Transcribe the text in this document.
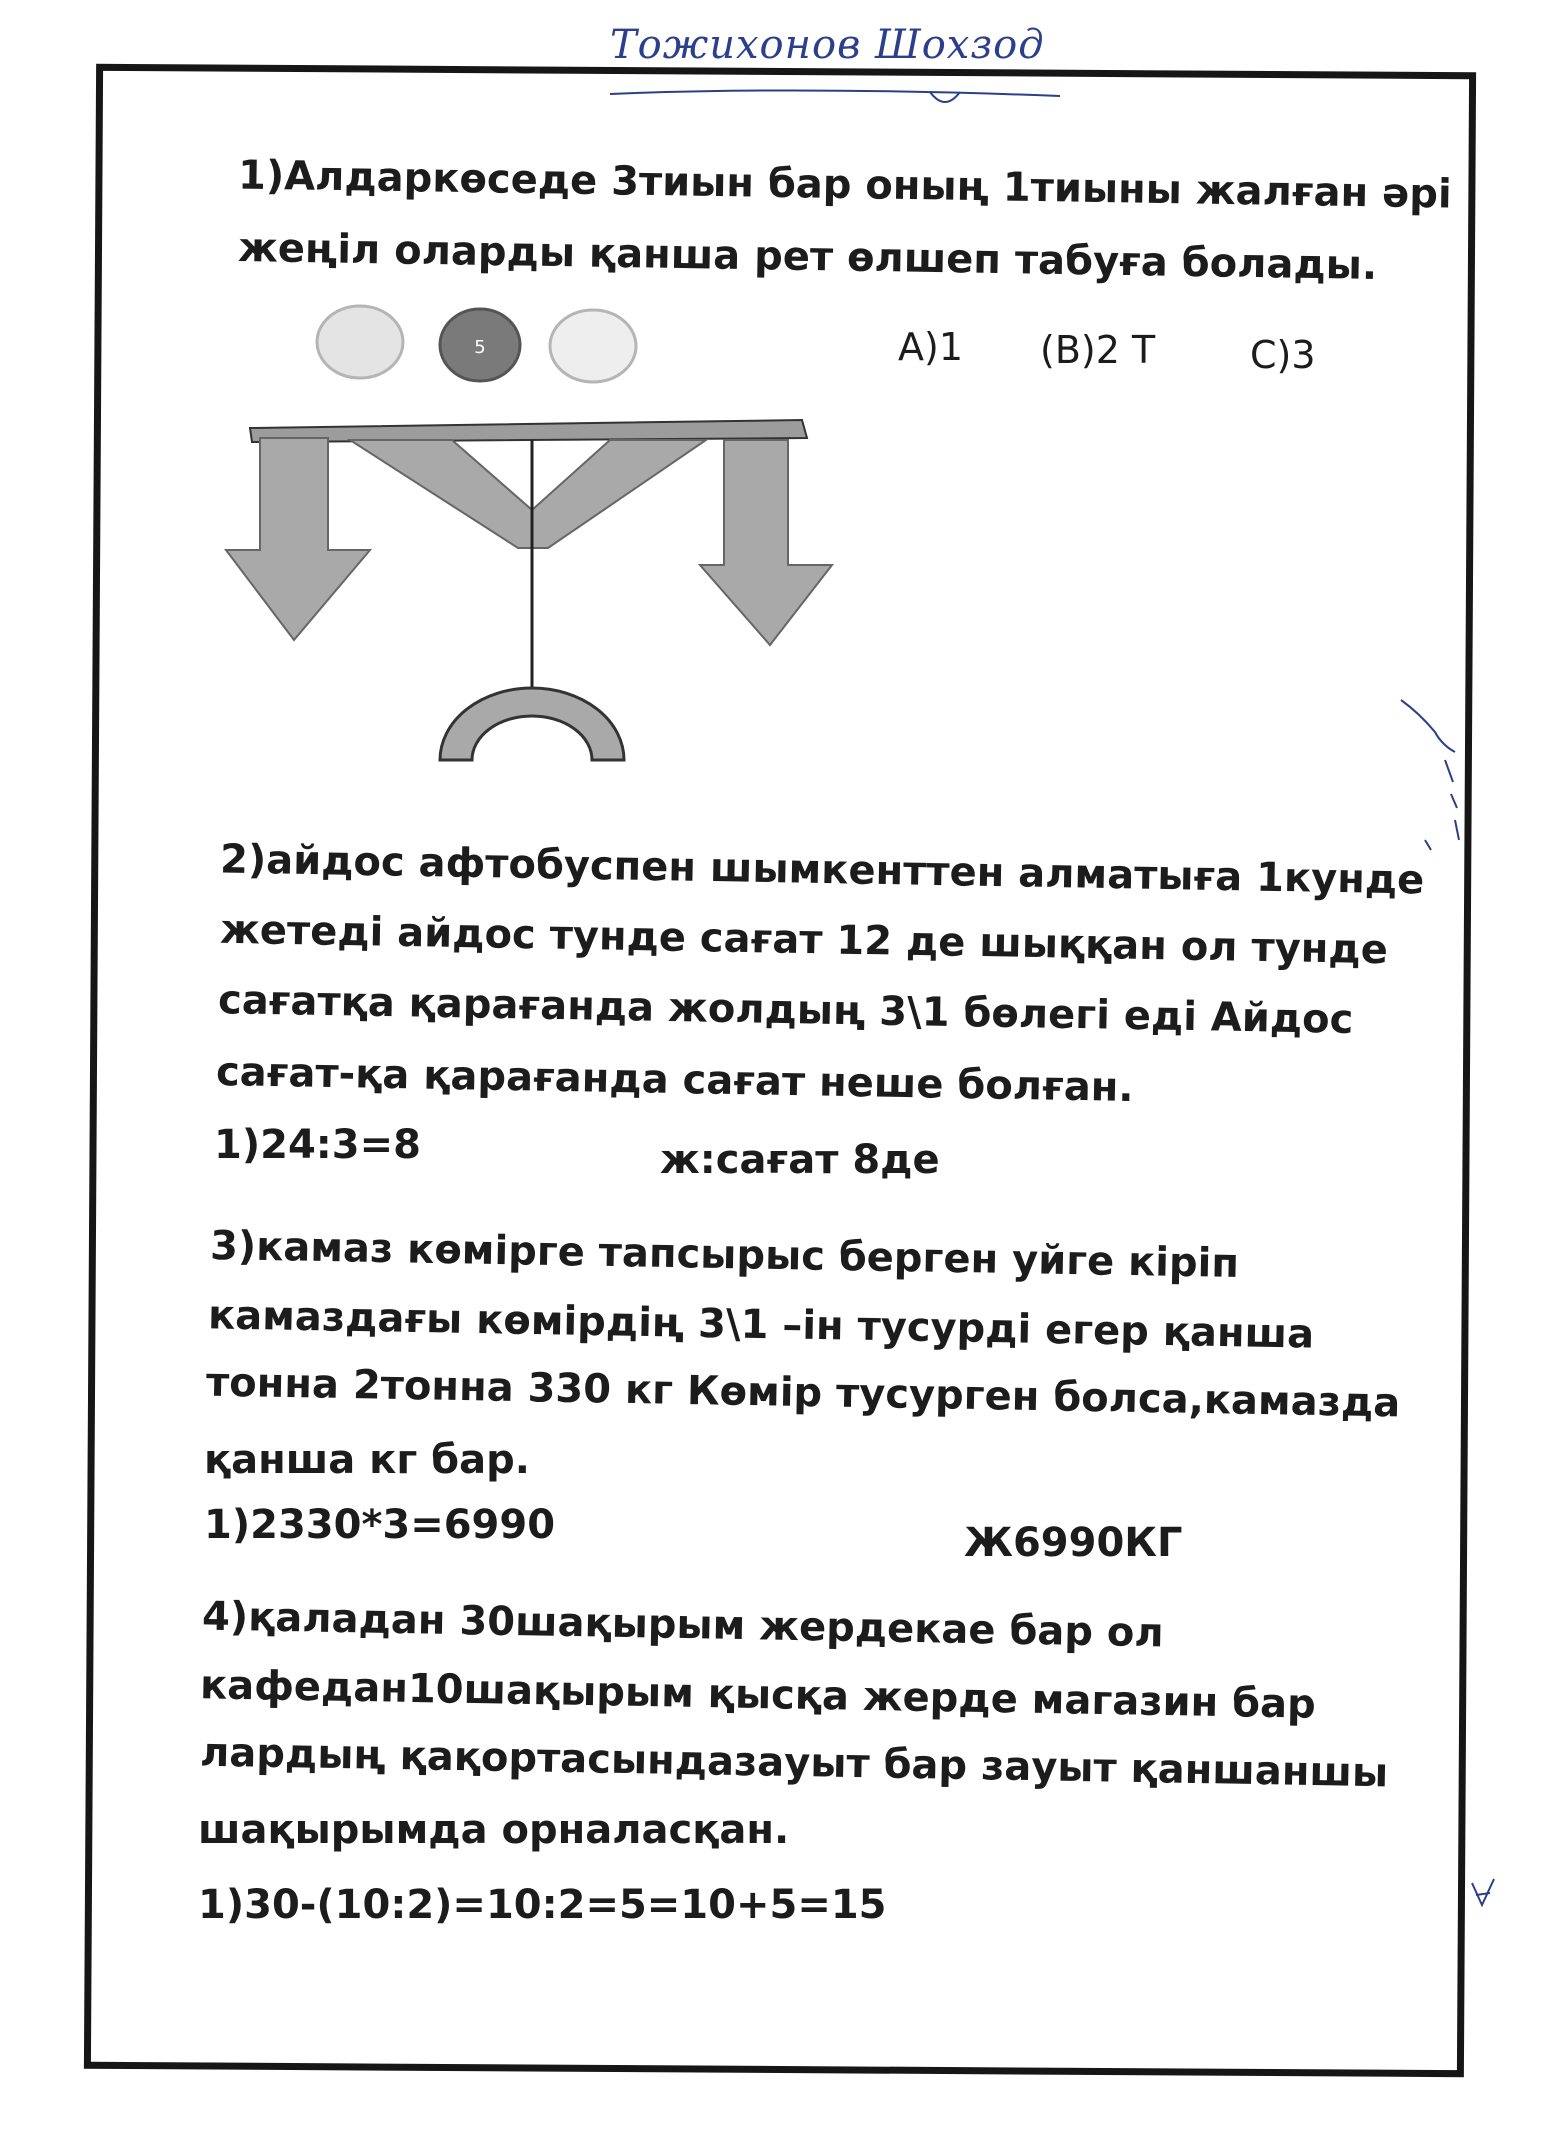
Тожихонов Шохзод
1)Алдаркөседе 3тиын бар оның 1тиыны жалған әрі
жеңіл оларды қанша рет өлшеп табуға болады.
5	А)1 (В)2 Т С)3
2)айдос афтобуспен шымкенттен алматыға 1кунде
жетеді айдос тунде сағат 12 де шыққан ол тунде
сағатқа қарағанда жолдың 3\1 бөлегі еді Айдос
сағат-қа қарағанда сағат неше болған.
1)24:3=8	ж:сағат 8де
3)камаз көмірге тапсырыс берген уйге кіріп
камаздағы көмірдің 3\1 –ін тусурді егер қанша
тонна 2тонна 330 кг Көмір тусурген болса,камазда
қанша кг бар.
1)2330*3=6990	Ж6990КГ
4)қаладан 30шақырым жердекае бар ол
кафедан10шақырым қысқа жерде магазин бар
лардың қақортасындазауыт бар зауыт қаншаншы
шақырымда орналасқан.
1)30-(10:2)=10:2=5=10+5=15
